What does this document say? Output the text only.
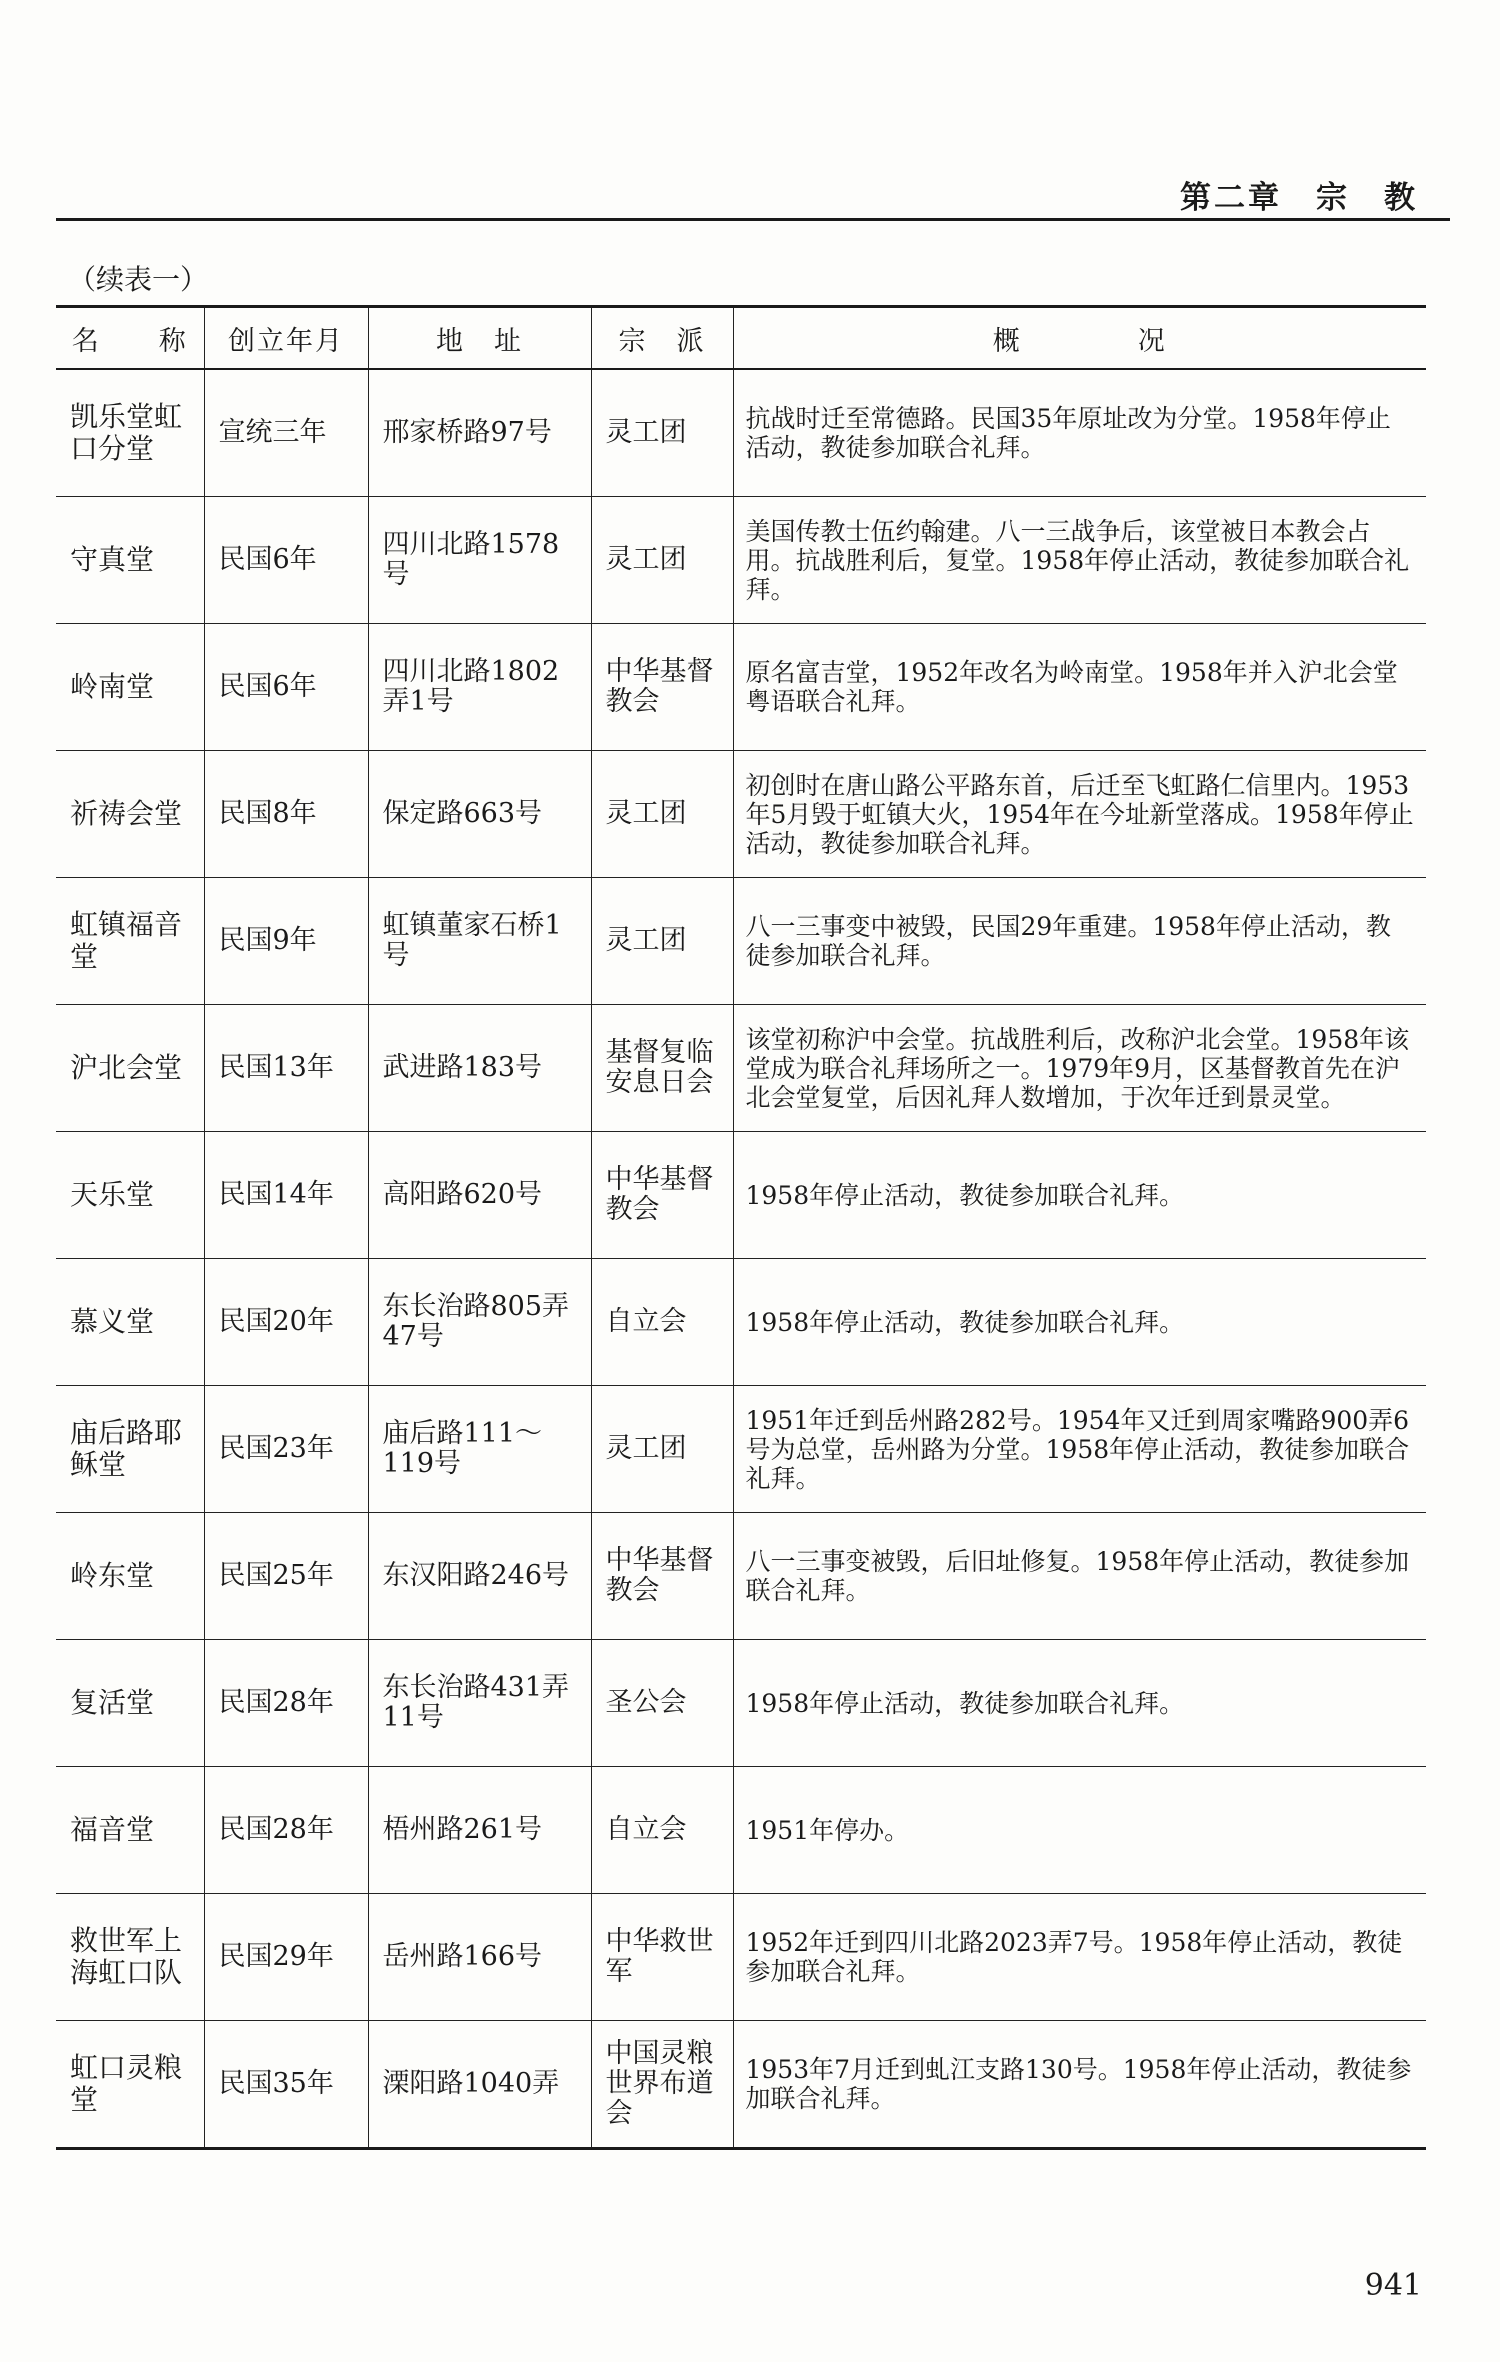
第二章　宗　教
（续表一）
名　　称	创立年月	地　址	宗　派	概　　　　况
凯乐堂虹口分堂	宣统三年	邢家桥路97号	灵工团	抗战时迁至常德路。民国35年原址改为分堂。1958年停止活动，教徒参加联合礼拜。
守真堂	民国6年	四川北路1578号	灵工团	美国传教士伍约翰建。八一三战争后，该堂被日本教会占用。抗战胜利后，复堂。1958年停止活动，教徒参加联合礼拜。
岭南堂	民国6年	四川北路1802弄1号	中华基督教会	原名富吉堂，1952年改名为岭南堂。1958年并入沪北会堂粤语联合礼拜。
祈祷会堂	民国8年	保定路663号	灵工团	初创时在唐山路公平路东首，后迁至飞虹路仁信里内。1953年5月毁于虹镇大火，1954年在今址新堂落成。1958年停止活动，教徒参加联合礼拜。
虹镇福音堂	民国9年	虹镇董家石桥1号	灵工团	八一三事变中被毁，民国29年重建。1958年停止活动，教徒参加联合礼拜。
沪北会堂	民国13年	武进路183号	基督复临安息日会	该堂初称沪中会堂。抗战胜利后，改称沪北会堂。1958年该堂成为联合礼拜场所之一。1979年9月，区基督教首先在沪北会堂复堂，后因礼拜人数增加，于次年迁到景灵堂。
天乐堂	民国14年	高阳路620号	中华基督教会	1958年停止活动，教徒参加联合礼拜。
慕义堂	民国20年	东长治路805弄47号	自立会	1958年停止活动，教徒参加联合礼拜。
庙后路耶稣堂	民国23年	庙后路111～119号	灵工团	1951年迁到岳州路282号。1954年又迁到周家嘴路900弄6号为总堂，岳州路为分堂。1958年停止活动，教徒参加联合礼拜。
岭东堂	民国25年	东汉阳路246号	中华基督教会	八一三事变被毁，后旧址修复。1958年停止活动，教徒参加联合礼拜。
复活堂	民国28年	东长治路431弄11号	圣公会	1958年停止活动，教徒参加联合礼拜。
福音堂	民国28年	梧州路261号	自立会	1951年停办。
救世军上海虹口队	民国29年	岳州路166号	中华救世军	1952年迁到四川北路2023弄7号。1958年停止活动，教徒参加联合礼拜。
虹口灵粮堂	民国35年	溧阳路1040弄	中国灵粮世界布道会	1953年7月迁到虬江支路130号。1958年停止活动，教徒参加联合礼拜。
941
